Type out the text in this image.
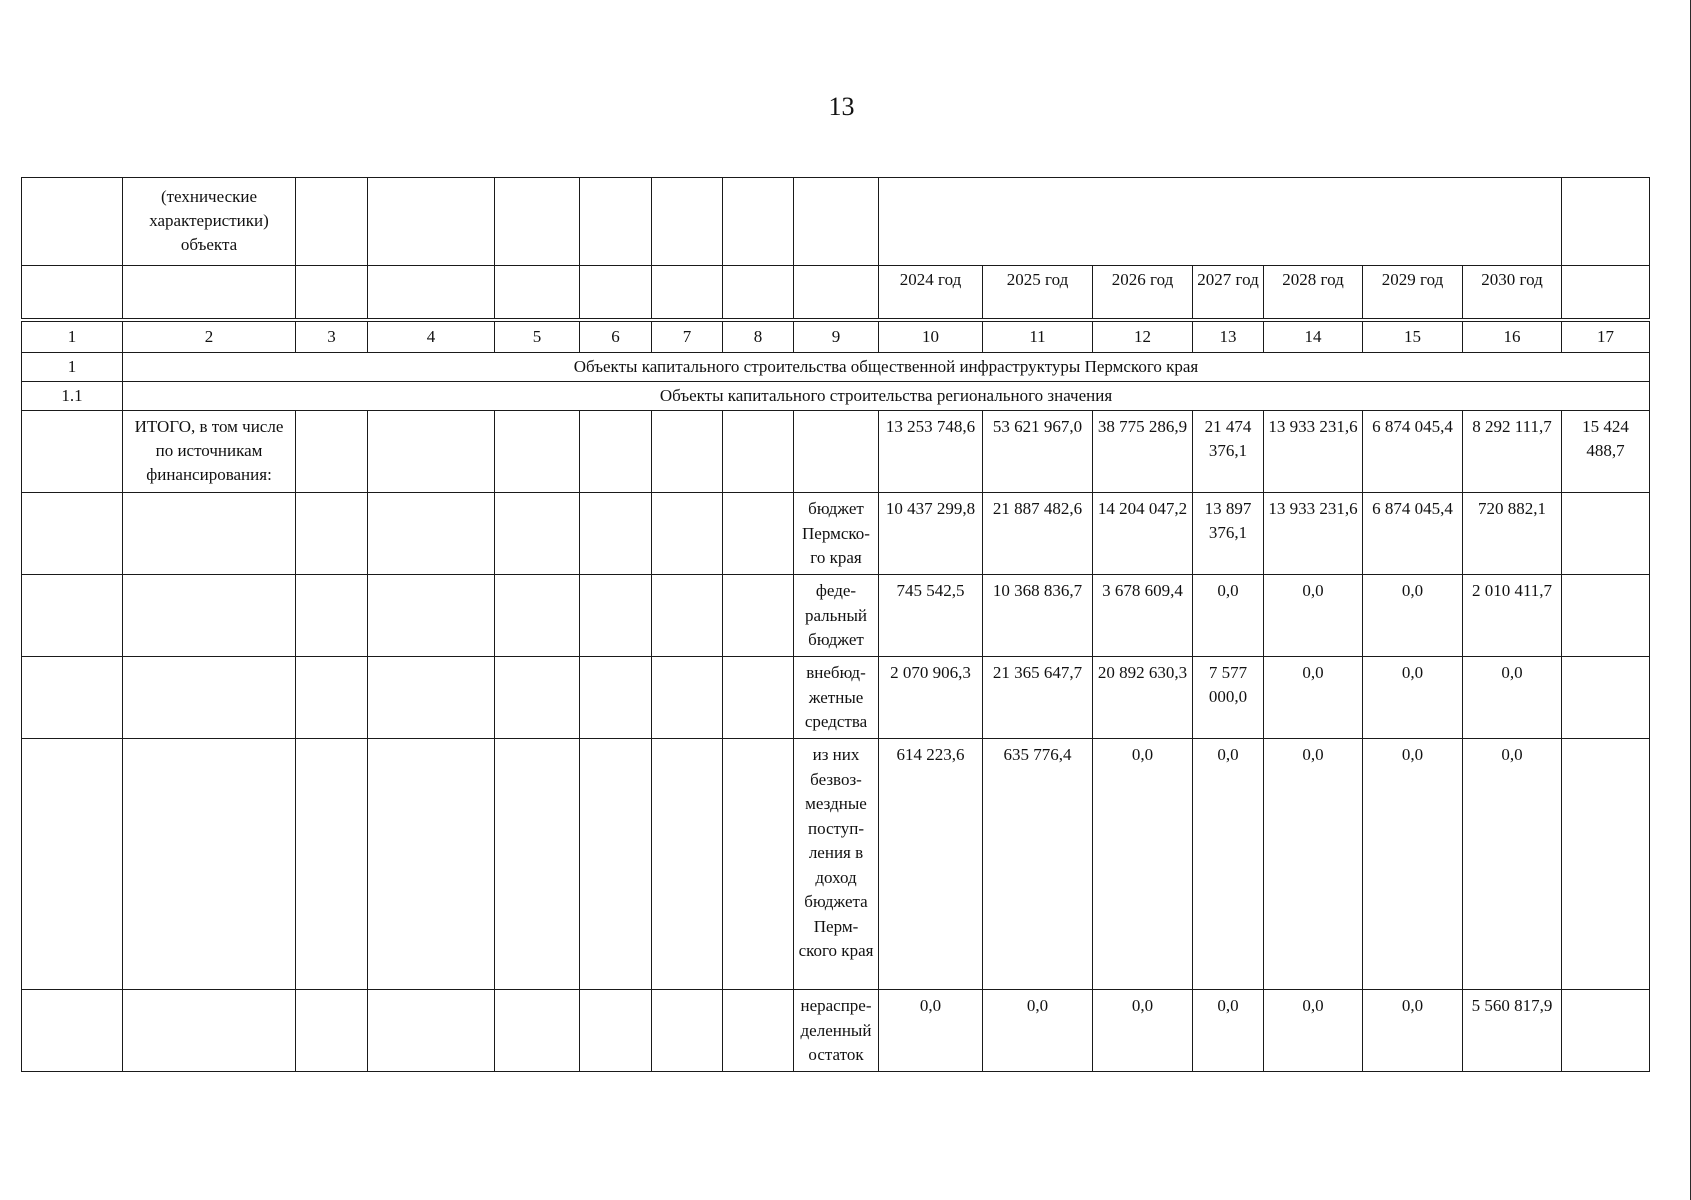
13
	(технические характеристики) объекта															
									2024 год	2025 год	2026 год	2027 год	2028 год	2029 год	2030 год	
1	2	3	4	5	6	7	8	9	10	11	12	13	14	15	16	17
1	Объекты капитального строительства общественной инфраструктуры Пермского края															
1.1	Объекты капитального строительства регионального значения															
	ИТОГО, в том числе по источникам финансирования:								13 253 748,6	53 621 967,0	38 775 286,9	21 474 376,1	13 933 231,6	6 874 045,4	8 292 111,7	15 424 488,7
								бюджет Пермско-го края	10 437 299,8	21 887 482,6	14 204 047,2	13 897 376,1	13 933 231,6	6 874 045,4	720 882,1	
								феде-ральный бюджет	745 542,5	10 368 836,7	3 678 609,4	0,0	0,0	0,0	2 010 411,7	
								внебюд-жетные средства	2 070 906,3	21 365 647,7	20 892 630,3	7 577 000,0	0,0	0,0	0,0	
								из них безвоз-мездные поступ-ления в доход бюджета Перм-ского края	614 223,6	635 776,4	0,0	0,0	0,0	0,0	0,0	
								нераспре-деленный остаток	0,0	0,0	0,0	0,0	0,0	0,0	5 560 817,9	
